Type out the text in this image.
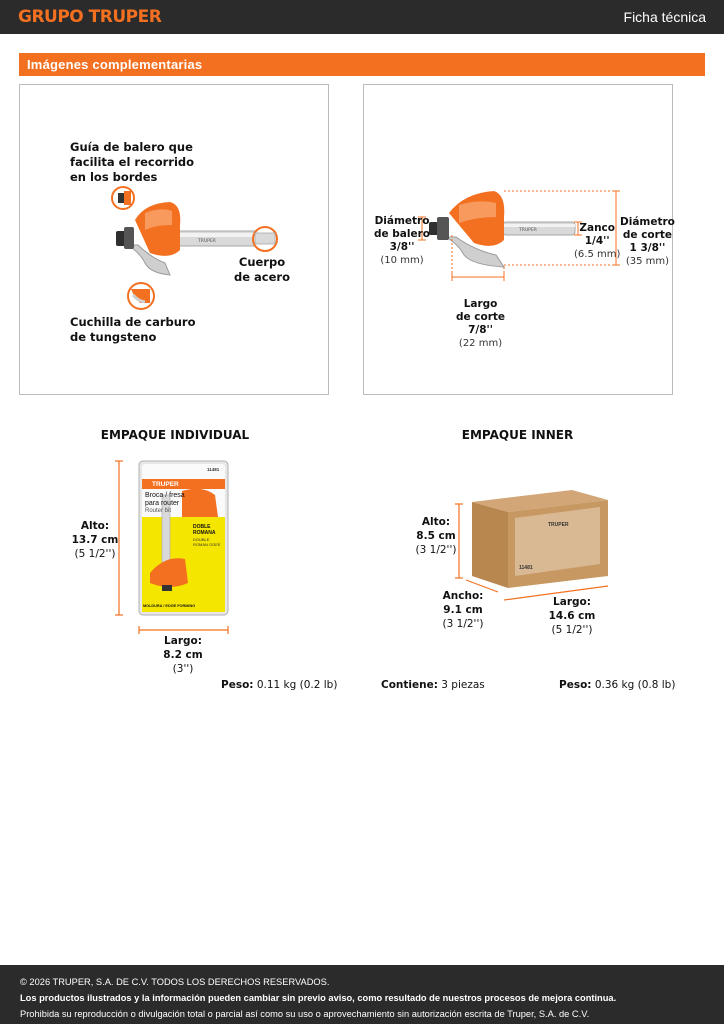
GRUPO TRUPER	Ficha técnica
Imágenes complementarias
TRUPER
Guía de balero que
facilita el recorrido
en los bordes
Cuerpo
de acero
Cuchilla de carburo
de tungsteno
TRUPER

Diámetro
de balero
3/8''

(10 mm)

Zanco
1/4''

(6.5 mm)

Diámetro
de corte
1 3/8''

(35 mm)

Largo
de corte
7/8''

(22 mm)

EMPAQUE INDIVIDUAL
TRUPER
11481
Broca / fresa
para router
Router bit
DOBLE
ROMANA
DOUBLE
ROMAN OGEE
MOLDURA / EDGE FORMING
Alto:
13.7 cm
(5 1/2'')
Largo:
8.2 cm
(3'')
Peso: 0.11 kg (0.2 lb)
EMPAQUE INNER
TRUPER
11481
Alto:
8.5 cm
(3 1/2'')
Ancho:
9.1 cm
(3 1/2'')
Largo:
14.6 cm
(5 1/2'')
Contiene: 3 piezas	Peso: 0.36 kg (0.8 lb)
© 2026 TRUPER, S.A. DE C.V. TODOS LOS DERECHOS RESERVADOS.
Los productos ilustrados y la información pueden cambiar sin previo aviso, como resultado de nuestros procesos de mejora continua.
Prohibida su reproducción o divulgación total o parcial así como su uso o aprovechamiento sin autorización escrita de Truper, S.A. de C.V.
